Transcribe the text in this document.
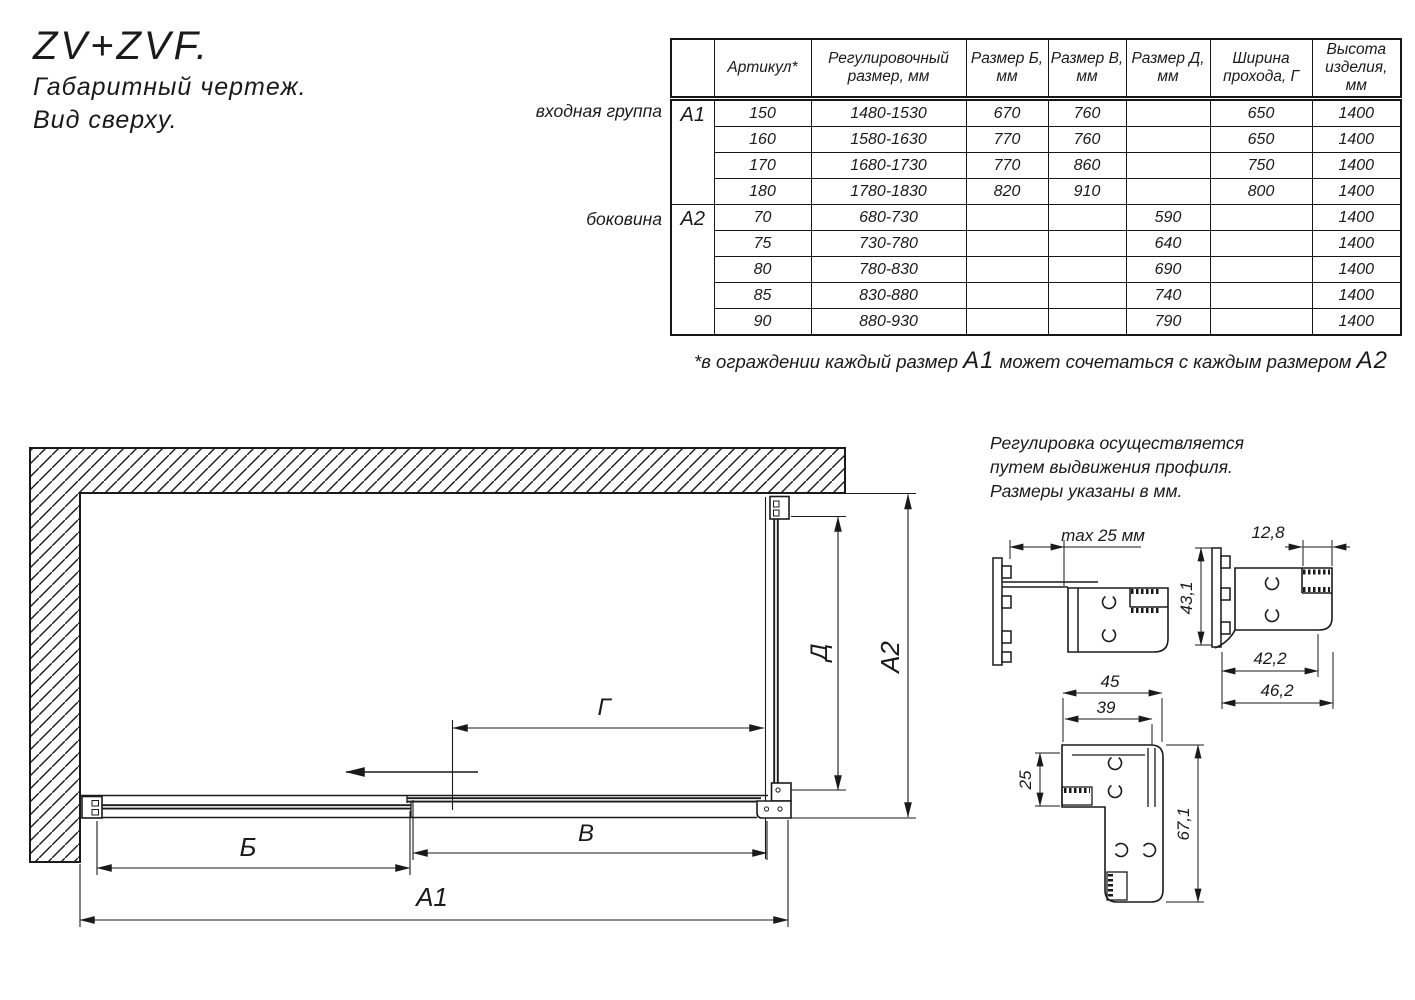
ZV+ZVF.

Габаритный чертеж.

Вид сверху.

	Артикул*	Регулировочный размер, мм	Размер Б, мм	Размер В, мм	Размер Д, мм	Ширина прохода, Г	Высота изделия, мм
А1	150	1480-1530	670	760		650	1400
	160	1580-1630	770	760		650	1400
	170	1680-1730	770	860		750	1400
	180	1780-1830	820	910		800	1400
А2	70	680-730			590		1400
	75	730-780			640		1400
	80	780-830			690		1400
	85	830-880			740		1400
	90	880-930			790		1400
входная группа
боковина
*в ограждении каждый размер А1 может сочетаться с каждым размером А2
Б	В
А1
Г
Д А2
Регулировка осуществляется
путем выдвижения профиля.
Размеры указаны в мм.
max 25 мм	12,8
43,1
42,2
46,2
45
39
25
67,1
